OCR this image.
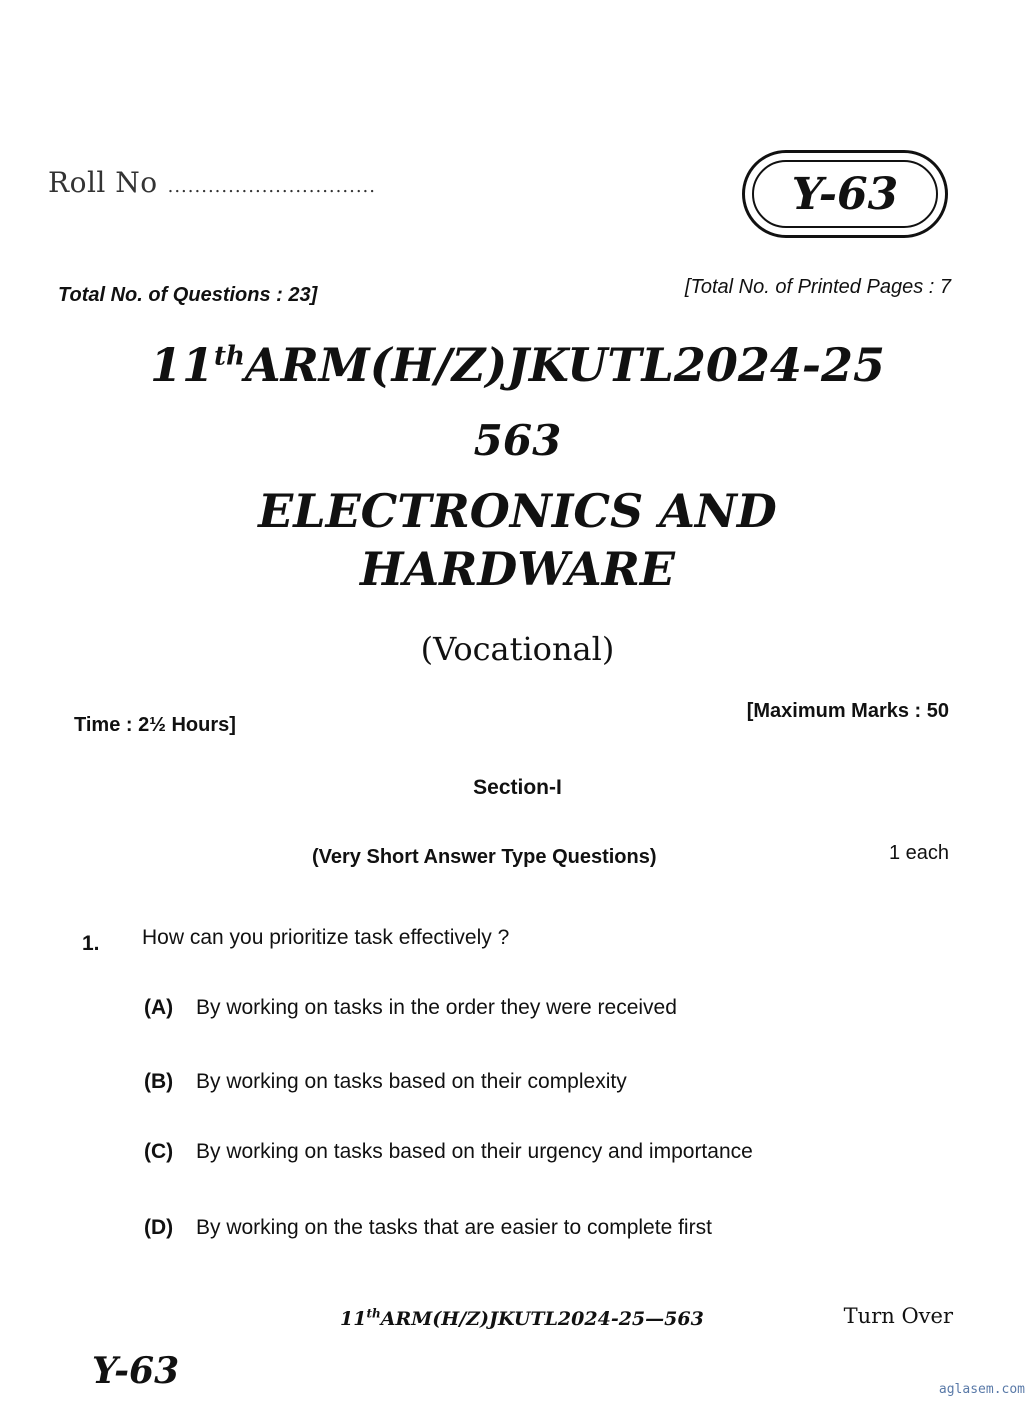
Roll No ...............................	Y-63
Total No. of Questions : 23]	[Total No. of Printed Pages : 7
11thARM(H/Z)JKUTL2024-25
563
ELECTRONICS AND
HARDWARE
(Vocational)
Time : 2½ Hours]
[Maximum Marks : 50
Section-I
(Very Short Answer Type Questions)	1 each
1. How can you prioritize task effectively ?
(A) By working on tasks in the order they were received
(B) By working on tasks based on their complexity
(C) By working on tasks based on their urgency and importance
(D) By working on the tasks that are easier to complete first
11thARM(H/Z)JKUTL2024-25—563	Turn Over
Y-63	aglasem.com
